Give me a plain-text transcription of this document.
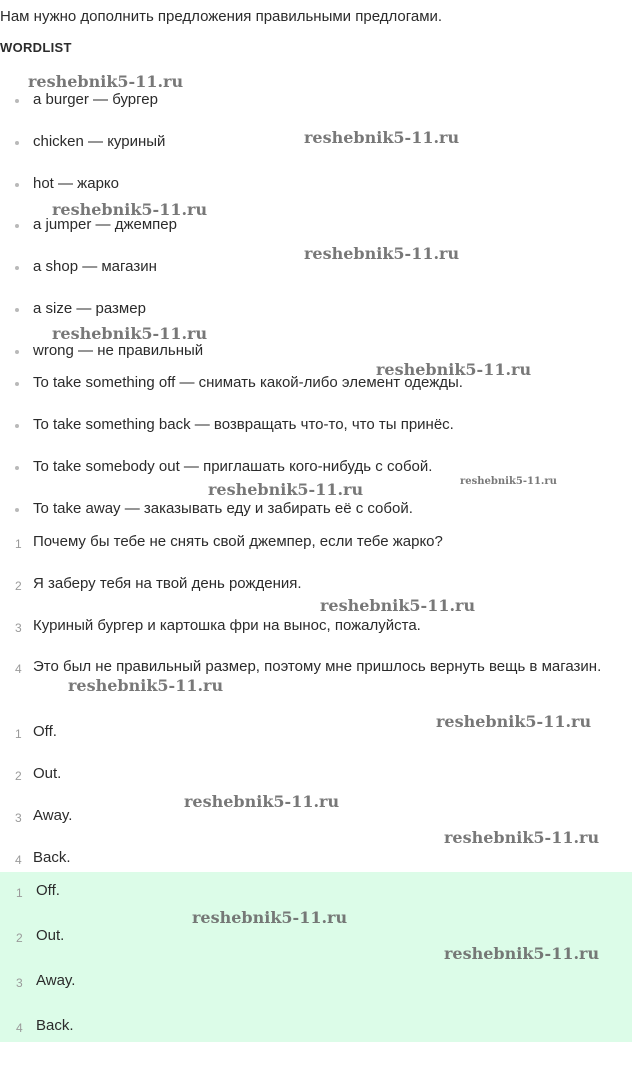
Нам нужно дополнить предложения правильными предлогами.

WORDLIST

a burger — бургер
chicken — куриный
hot — жарко
a jumper — джемпер
a shop — магазин
a size — размер
wrong — не правильный
To take something off — снимать какой-либо элемент одежды.
To take something back — возвращать что-то, что ты принёс.
To take somebody out — приглашать кого-нибудь с собой.
To take away — заказывать еду и забирать её с собой.
1 Почему бы тебе не снять свой джемпер, если тебе жарко?
2 Я заберу тебя на твой день рождения.
3 Куриный бургер и картошка фри на вынос, пожалуйста.
4 Это был не правильный размер, поэтому мне пришлось вернуть вещь в магазин.
1 Off.
2 Out.
3 Away.
4 Back.
1 Off.
2 Out.
3 Away.
4 Back.
reshebnik5-11.ru
reshebnik5-11.ru
reshebnik5-11.ru
reshebnik5-11.ru
reshebnik5-11.ru
reshebnik5-11.ru
reshebnik5-11.ru	reshebnik5-11.ru
reshebnik5-11.ru
reshebnik5-11.ru
reshebnik5-11.ru
reshebnik5-11.ru
reshebnik5-11.ru
reshebnik5-11.ru
reshebnik5-11.ru
